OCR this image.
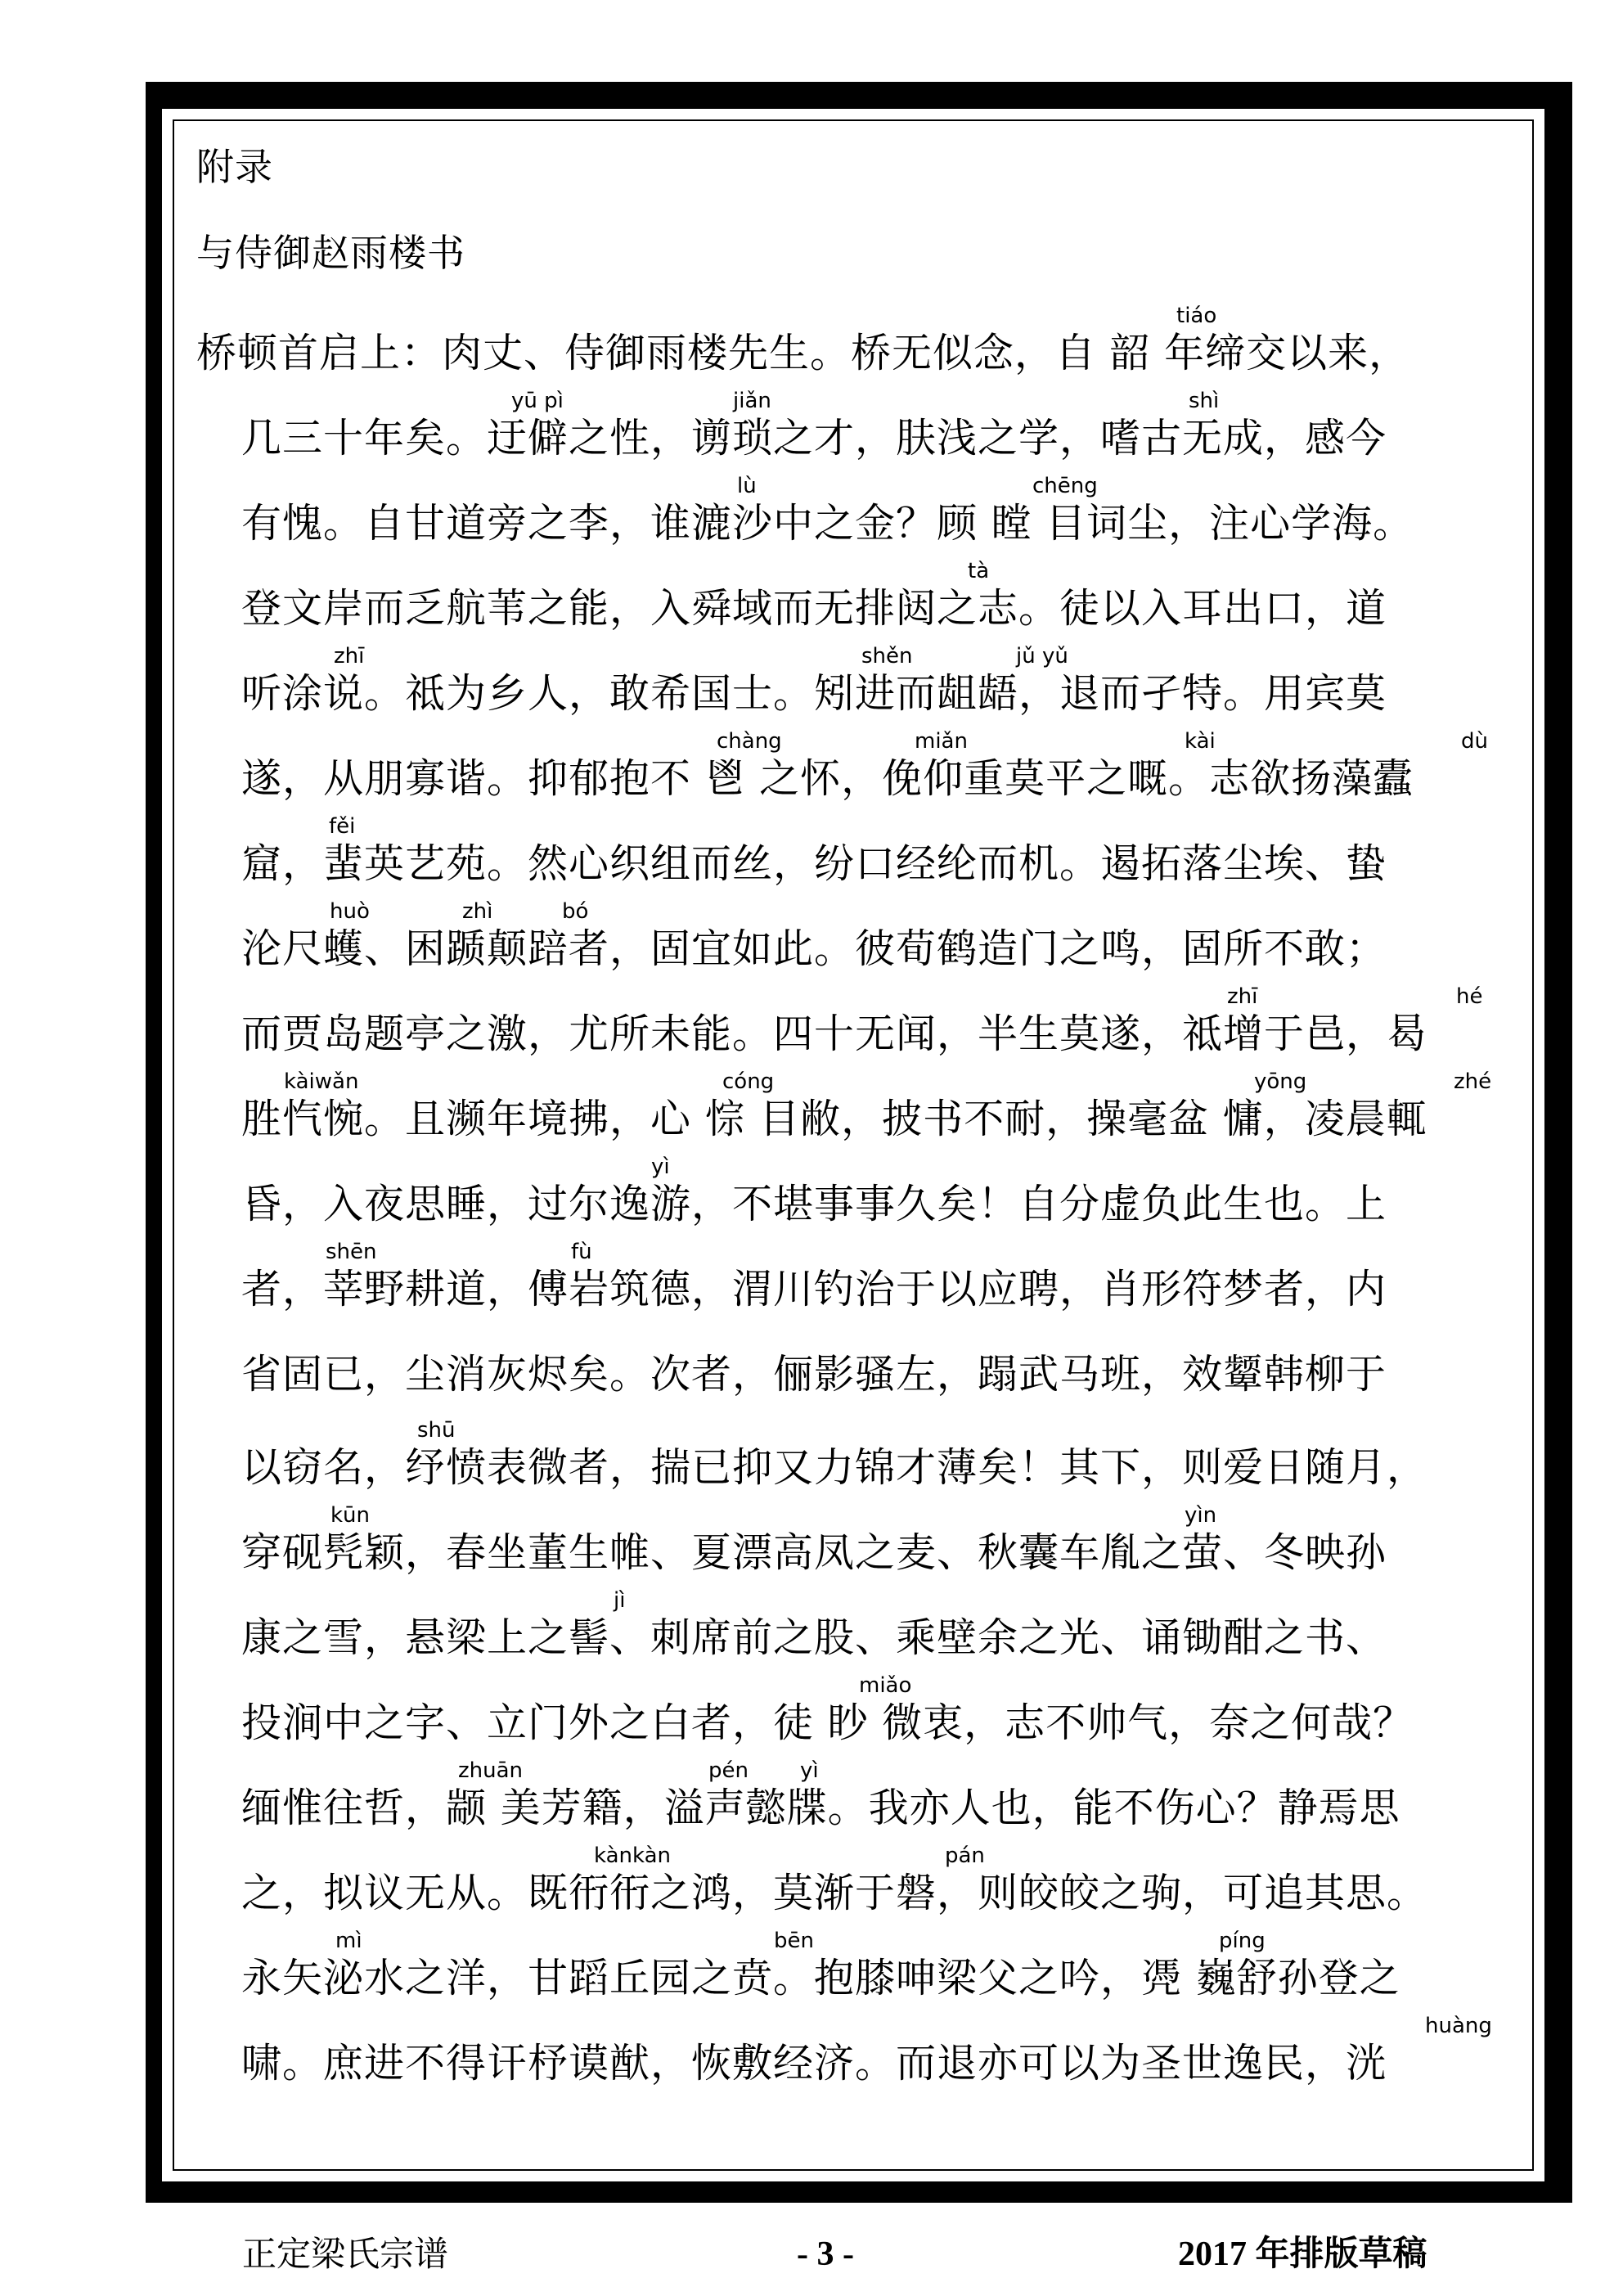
附录
与侍御赵雨楼书
桥顿首启上：肉丈、侍御雨楼先生。桥无似念，自 韶 年缔交以来，
几三十年矣。迂僻之性，谫琐之才，肤浅之学，嗜古无成，感今
有愧。自甘道旁之李，谁漉沙中之金？顾 瞠 目词尘，注心学海。
登文岸而乏航苇之能，入舜域而无排闼之志。徒以入耳出口，道
听涂说。祗为乡人，敢希国士。矧进而龃龉，退而孑特。用宾莫
遂，从朋寡谐。抑郁抱不 鬯 之怀，俛仰重莫平之嘅。志欲扬藻蠹
窟，蜚英艺苑。然心织组而丝，纷口经纶而机。遏拓落尘埃、蛰
沦尺蠖、困踬颠踣者，固宜如此。彼荀鹤造门之鸣，固所不敢；
而贾岛题亭之激，尤所未能。四十无闻，半生莫遂，祗增于邑，曷
胜忾惋。且濒年境拂，心 悰 目敝，披书不耐，操毫盆 慵，凌晨輒
昏，入夜思睡，过尔逸游，不堪事事久矣！自分虚负此生也。上
者，莘野耕道，傅岩筑德，渭川钓治于以应聘，肖形符梦者，内
省固已，尘消灰烬矣。次者，俪影骚左，蹋武马班，效颦韩柳于
以窃名，纾愤表微者，揣已抑又力锦才薄矣！其下，则爱日随月，
穿砚髠颖，春坐董生帷、夏漂高凤之麦、秋囊车胤之萤、冬映孙
康之雪，悬梁上之髻、刺席前之股、乘壁余之光、诵锄酣之书、
投涧中之字、立门外之白者，徒 眇 微衷，志不帅气，奈之何哉？
缅惟往哲，颛 美芳籍，溢声懿牒。我亦人也，能不伤心？静焉思
之，拟议无从。既衎衎之鸿，莫渐于磐，则皎皎之驹，可追其思。
永矢泌水之洋，甘蹈丘园之贲。抱膝呻梁父之吟，凴 巍舒孙登之
啸。庶进不得讦杼谟猷，恢敷经济。而退亦可以为圣世逸民，洸
tiáo
yū pì	jiǎn	shì
lù	chēng
tà
zhī	shěn	jǔ yǔ
chàng	miǎn	kài	dù
fěi
huò	zhì	bó
zhī	hé
kàiwǎn	cóng	yōng	zhé
yì
shēn	fù
shū
kūn	yìn
jì
miǎo
zhuān	pén yì
kànkàn	pán
mì	bēn	píng
huàng
正定梁氏宗谱	- 3 -	2017 年排版草稿
